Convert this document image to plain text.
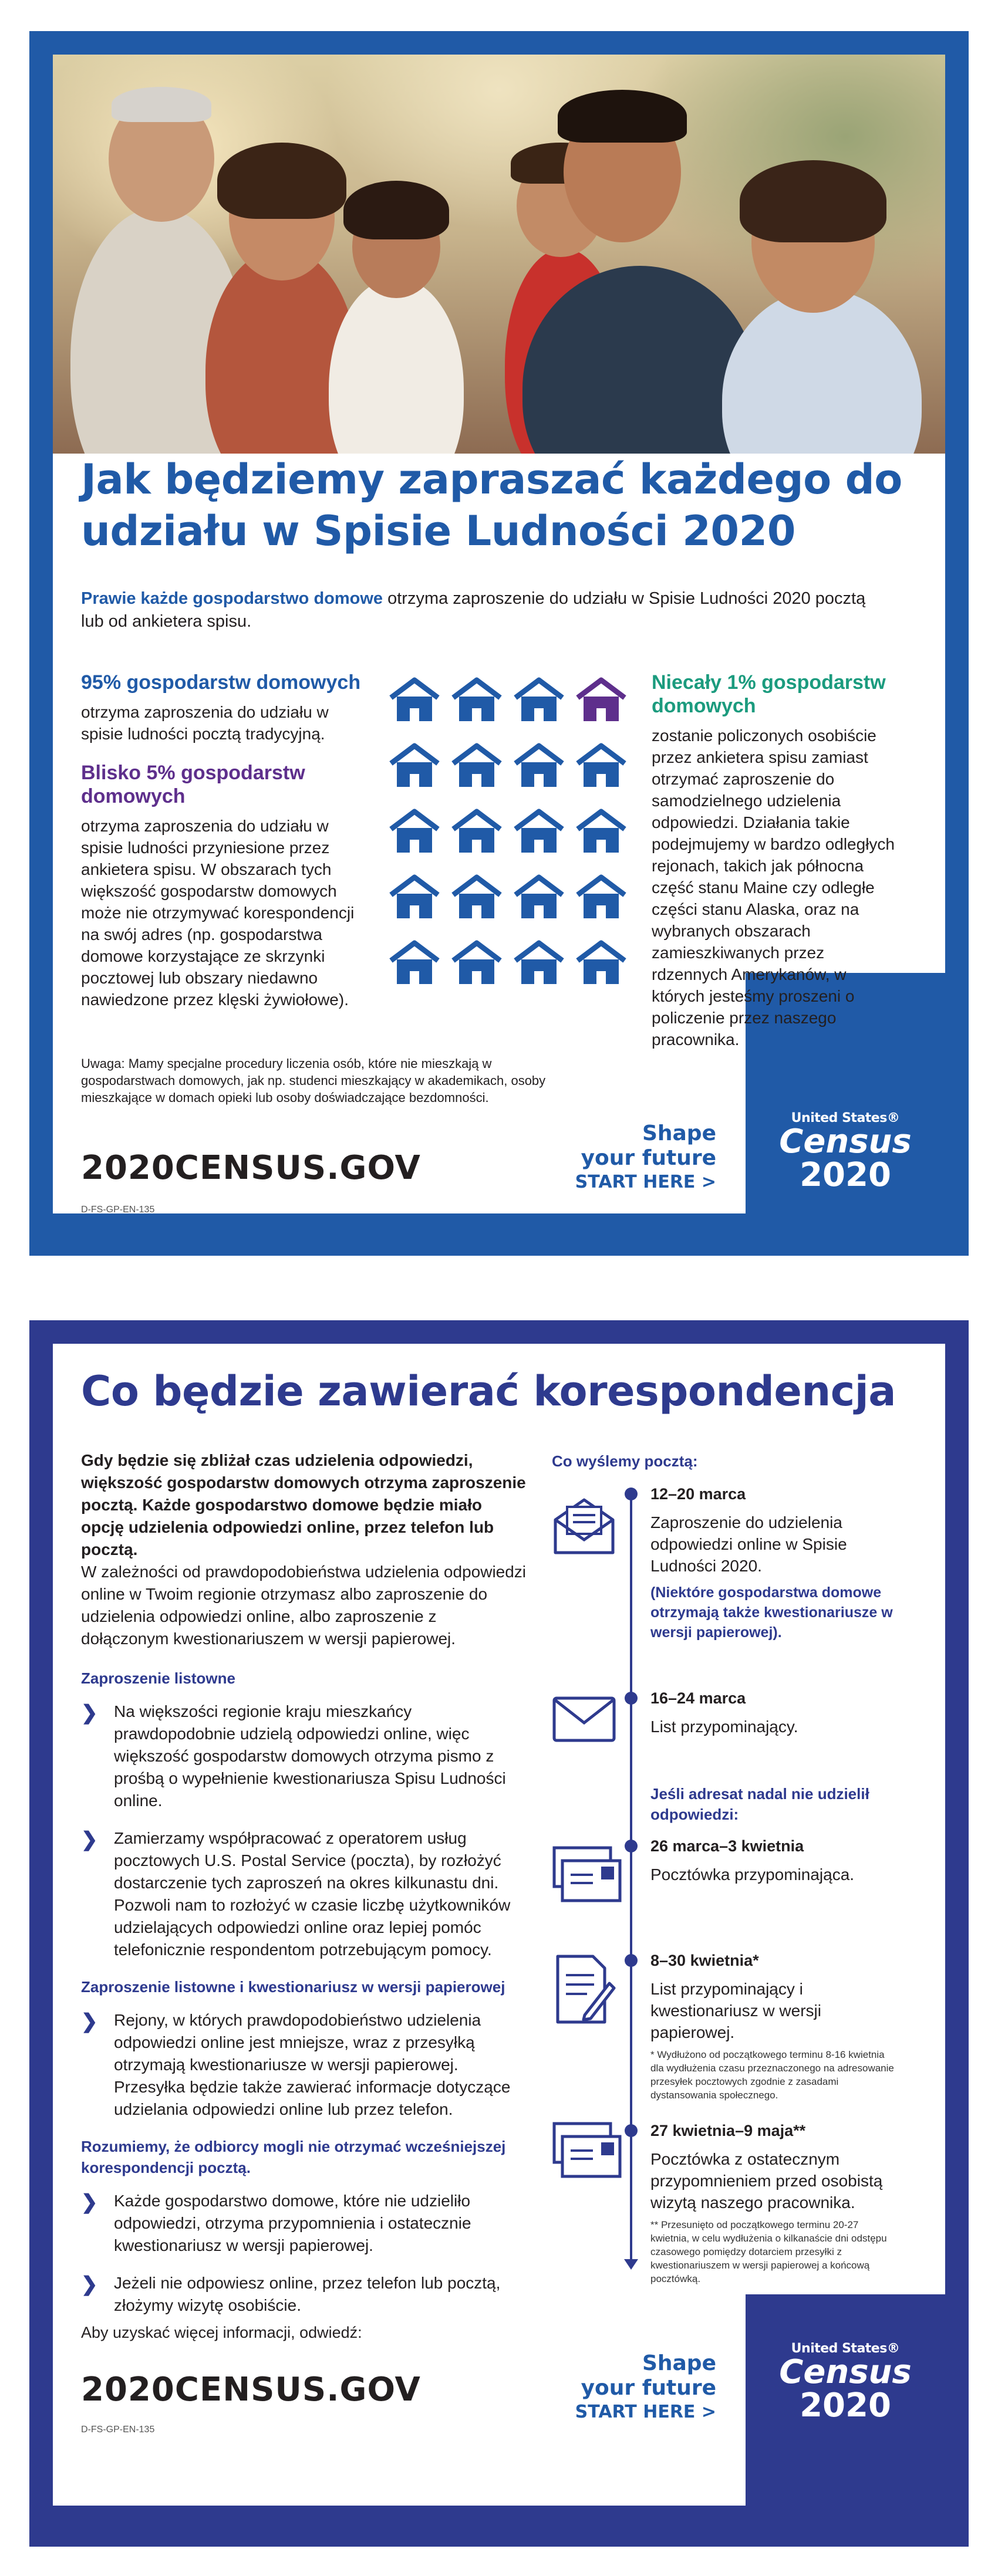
Jak będziemy zapraszać każdego do udziału w Spisie Ludności 2020

Prawie każde gospodarstwo domowe otrzyma zaproszenie do udziału w Spisie Ludności 2020 pocztą lub od ankietera spisu.

95% gospodarstw domowych

otrzyma zaproszenia do udziału w spisie ludności pocztą tradycyjną.

Blisko 5% gospodarstw domowych

otrzyma zaproszenia do udziału w spisie ludności przyniesione przez ankietera spisu. W obszarach tych większość gospodarstw domowych może nie otrzymywać korespondencji na swój adres (np. gospodarstwa domowe korzystające ze skrzynki pocztowej lub obszary niedawno nawiedzone przez klęski żywiołowe).

Niecały 1% gospodarstw domowych

zostanie policzonych osobiście przez ankietera spisu zamiast otrzymać zaproszenie do samodzielnego udzielenia odpowiedzi. Działania takie podejmujemy w bardzo odległych rejonach, takich jak północna część stanu Maine czy odległe części stanu Alaska, oraz na wybranych obszarach zamieszkiwanych przez rdzennych Amerykanów, w których jesteśmy proszeni o policzenie przez naszego pracownika.

Uwaga: Mamy specjalne procedury liczenia osób, które nie mieszkają w gospodarstwach domowych, jak np. studenci mieszkający w akademikach, osoby mieszkające w domach opieki lub osoby doświadczające bezdomności.

2020CENSUS.GOV

D-FS-GP-EN-135

Shape
your future
START HERE >
United States®
Census
2020
Co będzie zawierać korespondencja

Gdy będzie się zbliżał czas udzielenia odpowiedzi, większość gospodarstw domowych otrzyma zaproszenie pocztą. Każde gospodarstwo domowe będzie miało opcję udzielenia odpowiedzi online, przez telefon lub pocztą.

W zależności od prawdopodobieństwa udzielenia odpowiedzi online w Twoim regionie otrzymasz albo zaproszenie do udzielenia odpowiedzi online, albo zaproszenie z dołączonym kwestionariuszem w wersji papierowej.

Zaproszenie listowne

❯ Na większości regionie kraju mieszkańcy prawdopodobnie udzielą odpowiedzi online, więc większość gospodarstw domowych otrzyma pismo z prośbą o wypełnienie kwestionariusza Spisu Ludności online.

❯ Zamierzamy współpracować z operatorem usług pocztowych U.S. Postal Service (poczta), by rozłożyć dostarczenie tych zaproszeń na okres kilkunastu dni. Pozwoli nam to rozłożyć w czasie liczbę użytkowników udzielających odpowiedzi online oraz lepiej pomóc telefonicznie respondentom potrzebującym pomocy.

Zaproszenie listowne i kwestionariusz w wersji papierowej

❯ Rejony, w których prawdopodobieństwo udzielenia odpowiedzi online jest mniejsze, wraz z przesyłką otrzymają kwestionariusze w wersji papierowej. Przesyłka będzie także zawierać informacje dotyczące udzielania odpowiedzi online lub przez telefon.

Rozumiemy, że odbiorcy mogli nie otrzymać wcześniejszej korespondencji pocztą.

❯ Każde gospodarstwo domowe, które nie udzieliło odpowiedzi, otrzyma przypomnienia i ostatecznie kwestionariusz w wersji papierowej.

❯ Jeżeli nie odpowiesz online, przez telefon lub pocztą, złożymy wizytę osobiście.

Co wyślemy pocztą:

12–20 marca

Zaproszenie do udzielenia odpowiedzi online w Spisie Ludności 2020.

(Niektóre gospodarstwa domowe otrzymają także kwestionariusze w wersji papierowej).

16–24 marca

List przypominający.

Jeśli adresat nadal nie udzielił odpowiedzi:

26 marca–3 kwietnia

Pocztówka przypominająca.

8–30 kwietnia*

List przypominający i kwestionariusz w wersji papierowej.

* Wydłużono od początkowego terminu 8-16 kwietnia dla wydłużenia czasu przeznaczonego na adresowanie przesyłek pocztowych zgodnie z zasadami dystansowania społecznego.

27 kwietnia–9 maja**

Pocztówka z ostatecznym przypomnieniem przed osobistą wizytą naszego pracownika.

** Przesunięto od początkowego terminu 20-27 kwietnia, w celu wydłużenia o kilkanaście dni odstępu czasowego pomiędzy dotarciem przesyłki z kwestionariuszem w wersji papierowej a końcową pocztówką.

Aby uzyskać więcej informacji, odwiedź:

2020CENSUS.GOV

D-FS-GP-EN-135

Shape
your future
START HERE >
United States®
Census
2020
